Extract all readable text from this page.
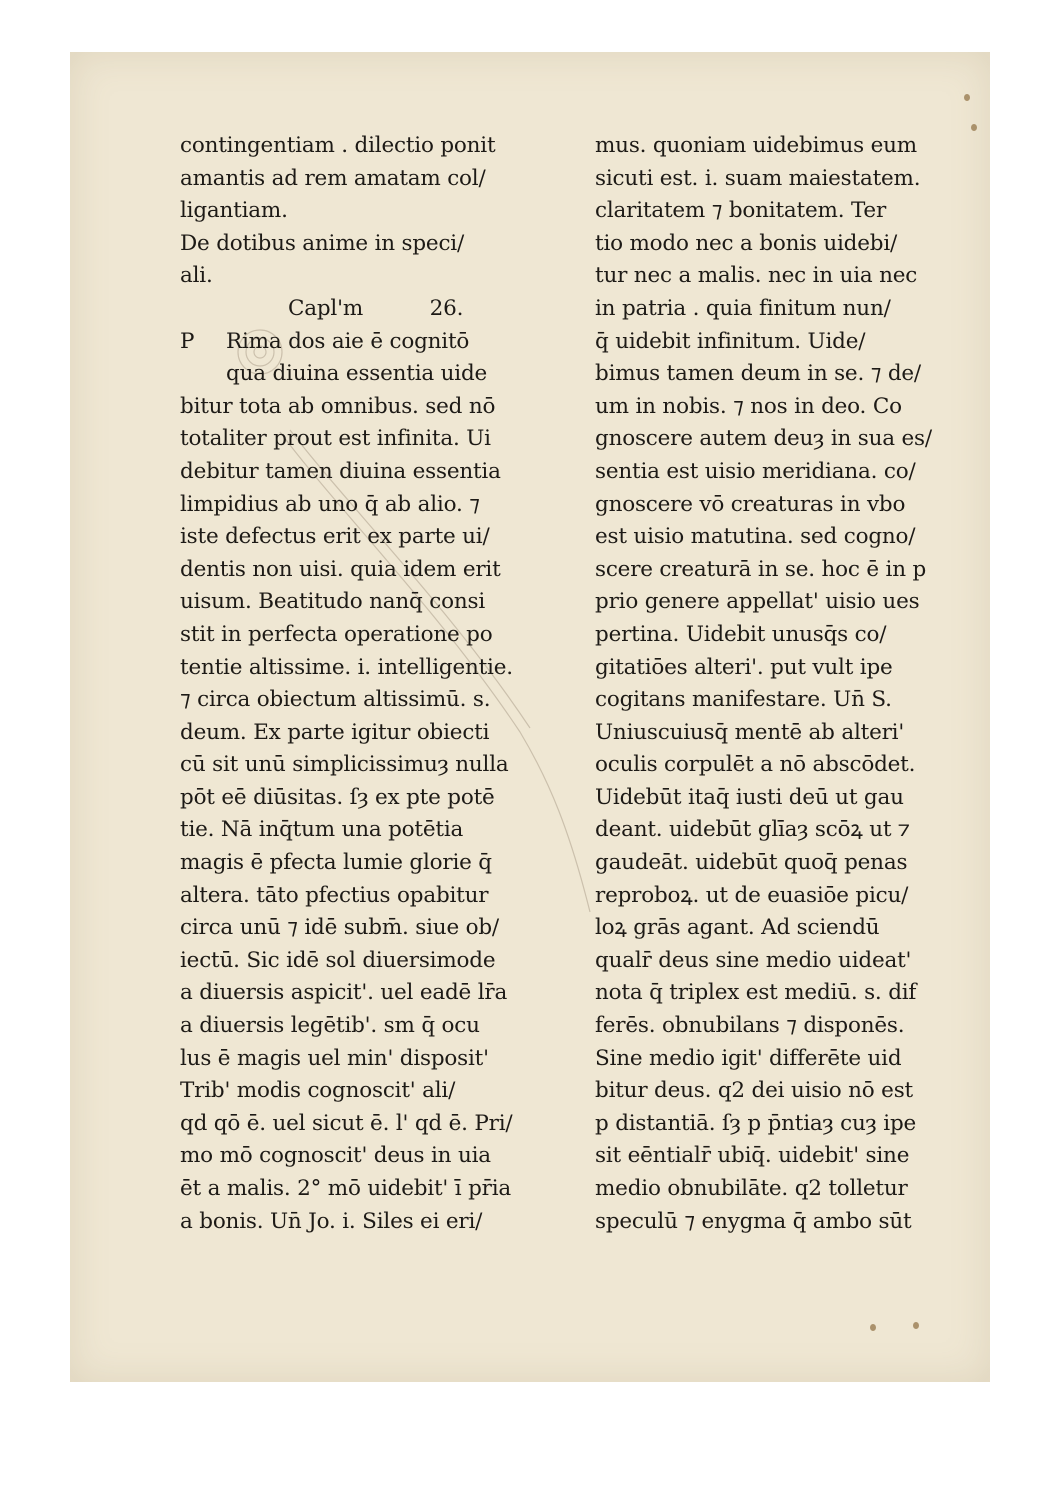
contingentiam . dilectio ponit
amantis ad rem amatam col/
ligantiam.
De dotibus anime in speci/
ali.
Capl'm 26.
P Rima dos aie ē cognitō
qua diuina essentia uide
bitur tota ab omnibus. sed nō
totaliter prout est infinita. Ui
debitur tamen diuina essentia
limpidius ab uno q̄ ab alio. ⁊
iste defectus erit ex parte ui/
dentis non uisi. quia idem erit
uisum. Beatitudo nanq̄ consi
stit in perfecta operatione po
tentie altissime. i. intelligentie.
⁊ circa obiectum altissimū. s.
deum. Ex parte igitur obiecti
cū sit unū simplicissimuȝ nulla
pōt eē diūsitas. ſȝ ex pte potē
tie. Nā inq̄tum una potētia
magis ē pfecta lumie glorie q̄
altera. tāto pfectius opabitur
circa unū ⁊ idē subm̄. siue ob/
iectū. Sic idē sol diuersimode
a diuersis aspicit'. uel eadē lr̄a
a diuersis legētib'. sm q̄ ocu
lus ē magis uel min' disposit'
Trib' modis cognoscit' ali/
qd qō ē. uel sicut ē. l' qd ē. Pri/
mo mō cognoscit' deus in uia
ēt a malis. 2° mō uidebit' ī pr̄ia
a bonis. Un̄ Jo. i. Siles ei eri/
mus. quoniam uidebimus eum
sicuti est. i. suam maiestatem.
claritatem ⁊ bonitatem. Ter
tio modo nec a bonis uidebi/
tur nec a malis. nec in uia nec
in patria . quia finitum nun/
q̄ uidebit infinitum. Uide/
bimus tamen deum in se. ⁊ de/
um in nobis. ⁊ nos in deo. Co
gnoscere autem deuȝ in sua es/
sentia est uisio meridiana. co/
gnoscere vō creaturas in vbo
est uisio matutina. sed cogno/
scere creaturā in se. hoc ē in p
prio genere appellat' uisio ues
pertina. Uidebit unusq̄s co/
gitatiōes alteri'. put vult ipe
cogitans manifestare. Un̄ S.
Uniuscuiusq̄ mentē ab alteri'
oculis corpulēt a nō abscōdet.
Uidebūt itaq̄ iusti deū ut gau
deant. uidebūt glīaȝ scōꝝ ut ⁊
gaudeāt. uidebūt quoq̄ penas
reproboꝝ. ut de euasiōe picu/
loꝝ grās agant. Ad sciendū
qualr̄ deus sine medio uideat'
nota q̄ triplex est mediū. s. dif
ferēs. obnubilans ⁊ disponēs.
Sine medio igit' differēte uid
bitur deus. q2 dei uisio nō est
p distantiā. ſȝ p p̄ntiaȝ cuȝ ipe
sit eēntialr̄ ubiq̄. uidebit' sine
medio obnubilāte. q2 tolletur
speculū ⁊ enygma q̄ ambo sūt
